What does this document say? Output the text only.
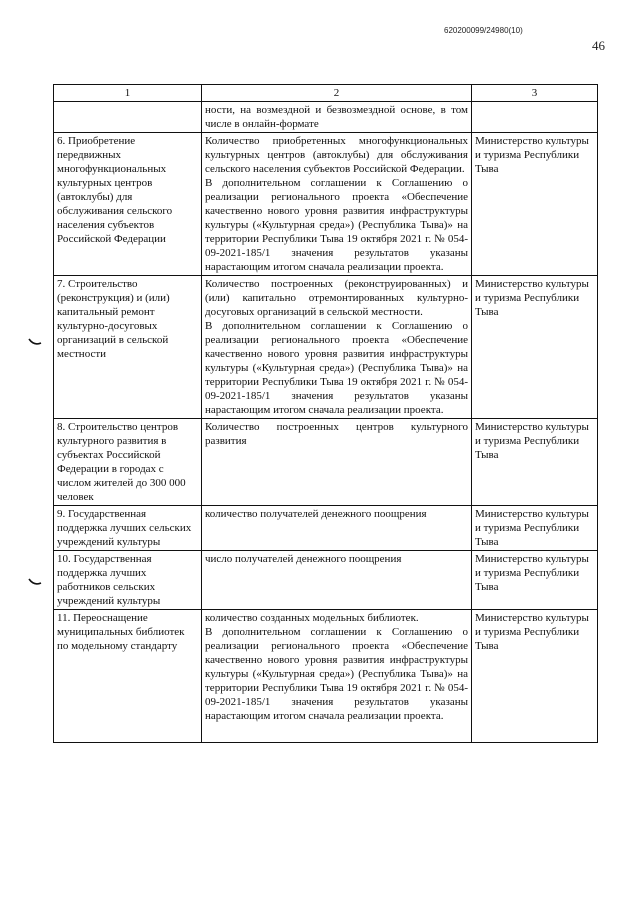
620200099/24980(10)
46
1	2	3

	ности, на возмездной и безвозмездной основе, в том числе в онлайн-формате	

6. Приобретение передвижных многофункциональных культурных центров (автоклубы) для обслуживания сельского населения субъектов Российской Федерации	Количество приобретенных многофункциональных культурных центров (автоклубы) для обслуживания сельского населения субъектов Российской Федерации.
В дополнительном соглашении к Соглашению о реализации регионального проекта «Обеспечение качественно нового уровня развития инфраструктуры культуры («Культурная среда») (Республика Тыва)» на территории Республики Тыва 19 октября 2021 г. № 054-09-2021-185/1 значения результатов указаны нарастающим итогом сначала реализации проекта.	Министерство культуры и туризма Республики Тыва
7. Строительство (реконструкция) и (или) капитальный ремонт культурно-досуговых организаций в сельской местности	Количество построенных (реконструированных) и (или) капитально отремонтированных культурно-досуговых организаций в сельской местности.
В дополнительном соглашении к Соглашению о реализации регионального проекта «Обеспечение качественно нового уровня развития инфраструктуры культуры («Культурная среда») (Республика Тыва)» на территории Республики Тыва 19 октября 2021 г. № 054-09-2021-185/1 значения результатов указаны нарастающим итогом сначала реализации проекта.	Министерство культуры и туризма Республики Тыва
8. Строительство центров культурного развития в субъектах Российской Федерации в городах с числом жителей до 300 000 человек	Количество построенных центров культурного развития	Министерство культуры и туризма Республики Тыва
9. Государственная поддержка лучших сельских учреждений культуры	количество получателей денежного поощрения	Министерство культуры и туризма Республики Тыва
10. Государственная поддержка лучших работников сельских учреждений культуры	число получателей денежного поощрения	Министерство культуры и туризма Республики Тыва
11. Переоснащение муниципальных библиотек по модельному стандарту	количество созданных модельных библиотек.
В дополнительном соглашении к Соглашению о реализации регионального проекта «Обеспечение качественно нового уровня развития инфраструктуры культуры («Культурная среда») (Республика Тыва)» на территории Республики Тыва 19 октября 2021 г. № 054-09-2021-185/1 значения результатов указаны нарастающим итогом сначала реализации проекта.	Министерство культуры и туризма Республики Тыва
